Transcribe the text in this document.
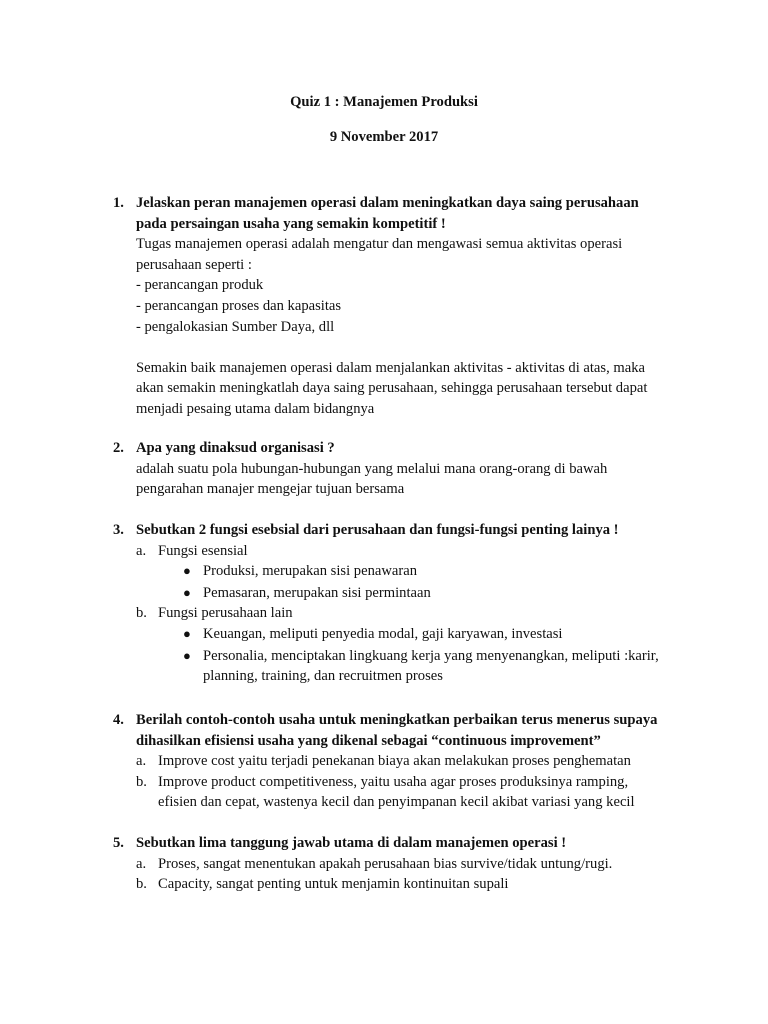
Quiz 1 : Manajemen Produksi
9 November 2017
1. Jelaskan peran manajemen operasi dalam meningkatkan daya saing perusahaan
pada persaingan usaha yang semakin kompetitif !
Tugas manajemen operasi adalah mengatur dan mengawasi semua aktivitas operasi
perusahaan seperti :
- perancangan produk
- perancangan proses dan kapasitas
- pengalokasian Sumber Daya, dll
Semakin baik manajemen operasi dalam menjalankan aktivitas - aktivitas di atas, maka
akan semakin meningkatlah daya saing perusahaan, sehingga perusahaan tersebut dapat
menjadi pesaing utama dalam bidangnya
2. Apa yang dinaksud organisasi ?
adalah suatu pola hubungan-hubungan yang melalui mana orang-orang di bawah
pengarahan manajer mengejar tujuan bersama
3. Sebutkan 2 fungsi esebsial dari perusahaan dan fungsi-fungsi penting lainya !
a. Fungsi esensial
● Produksi, merupakan sisi penawaran
● Pemasaran, merupakan sisi permintaan
b. Fungsi perusahaan lain
● Keuangan, meliputi penyedia modal, gaji karyawan, investasi
● Personalia, menciptakan lingkuang kerja yang menyenangkan, meliputi :karir,
planning, training, dan recruitmen proses
4. Berilah contoh-contoh usaha untuk meningkatkan perbaikan terus menerus supaya
dihasilkan efisiensi usaha yang dikenal sebagai “continuous improvement”
a. Improve cost yaitu terjadi penekanan biaya akan melakukan proses penghematan
b. Improve product competitiveness, yaitu usaha agar proses produksinya ramping,
efisien dan cepat, wastenya kecil dan penyimpanan kecil akibat variasi yang kecil
5. Sebutkan lima tanggung jawab utama di dalam manajemen operasi !
a. Proses, sangat menentukan apakah perusahaan bias survive/tidak untung/rugi.
b. Capacity, sangat penting untuk menjamin kontinuitan supali
